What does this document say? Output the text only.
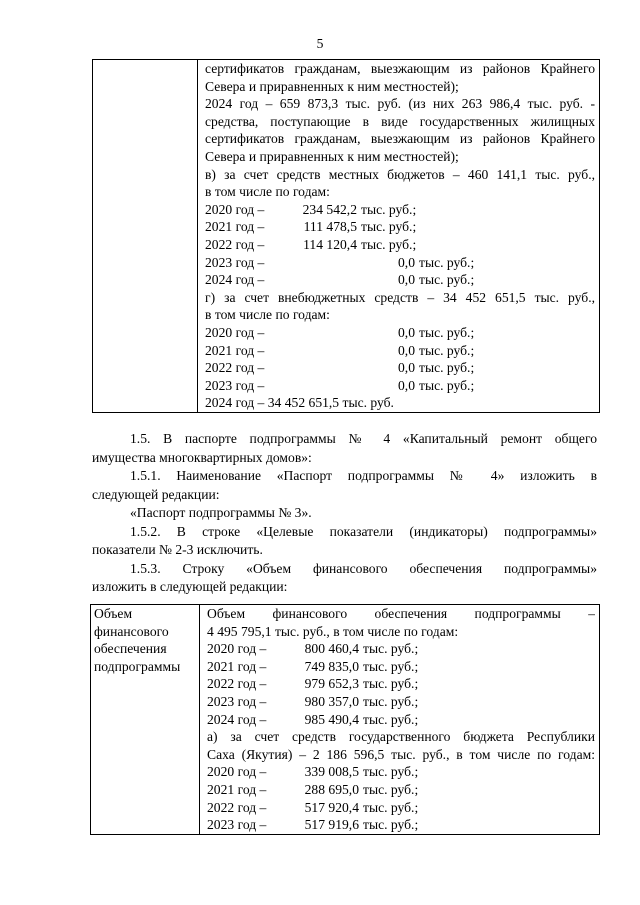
5

сертификатов гражданам, выезжающим из районов Крайнего
Севера и приравненных к ним местностей);
2024 год – 659 873,3 тыс. руб. (из них 263 986,4 тыс. руб. -
средства, поступающие в виде государственных жилищных
сертификатов гражданам, выезжающим из районов Крайнего
Севера и приравненных к ним местностей);
в) за счет средств местных бюджетов – 460 141,1 тыс. руб.,
в том числе по годам:
2020 год –	234 542,2 тыс. руб.;
2021 год –	111 478,5 тыс. руб.;
2022 год –	114 120,4 тыс. руб.;
2023 год –	0,0 тыс. руб.;
2024 год –	0,0 тыс. руб.;
г) за счет внебюджетных средств – 34 452 651,5 тыс. руб.,
в том числе по годам:
2020 год –	0,0 тыс. руб.;
2021 год –	0,0 тыс. руб.;
2022 год –	0,0 тыс. руб.;
2023 год –	0,0 тыс. руб.;
2024 год – 34 452 651,5 тыс. руб.
1.5. В паспорте подпрограммы № 4 «Капитальный ремонт общего
имущества многоквартирных домов»:
1.5.1. Наименование «Паспорт подпрограммы № 4» изложить в
следующей редакции:
«Паспорт подпрограммы № 3».
1.5.2. В строке «Целевые показатели (индикаторы) подпрограммы»
показатели № 2-3 исключить.
1.5.3. Строку «Объем финансового обеспечения подпрограммы»
изложить в следующей редакции:
Объем
финансового
обеспечения
подпрограммы

Объем финансового обеспечения подпрограммы –
4 495 795,1 тыс. руб., в том числе по годам:
2020 год –	800 460,4 тыс. руб.;
2021 год –	749 835,0 тыс. руб.;
2022 год –	979 652,3 тыс. руб.;
2023 год –	980 357,0 тыс. руб.;
2024 год –	985 490,4 тыс. руб.;
а) за счет средств государственного бюджета Республики
Саха (Якутия) – 2 186 596,5 тыс. руб., в том числе по годам:
2020 год –	339 008,5 тыс. руб.;
2021 год –	288 695,0 тыс. руб.;
2022 год –	517 920,4 тыс. руб.;
2023 год –	517 919,6 тыс. руб.;
